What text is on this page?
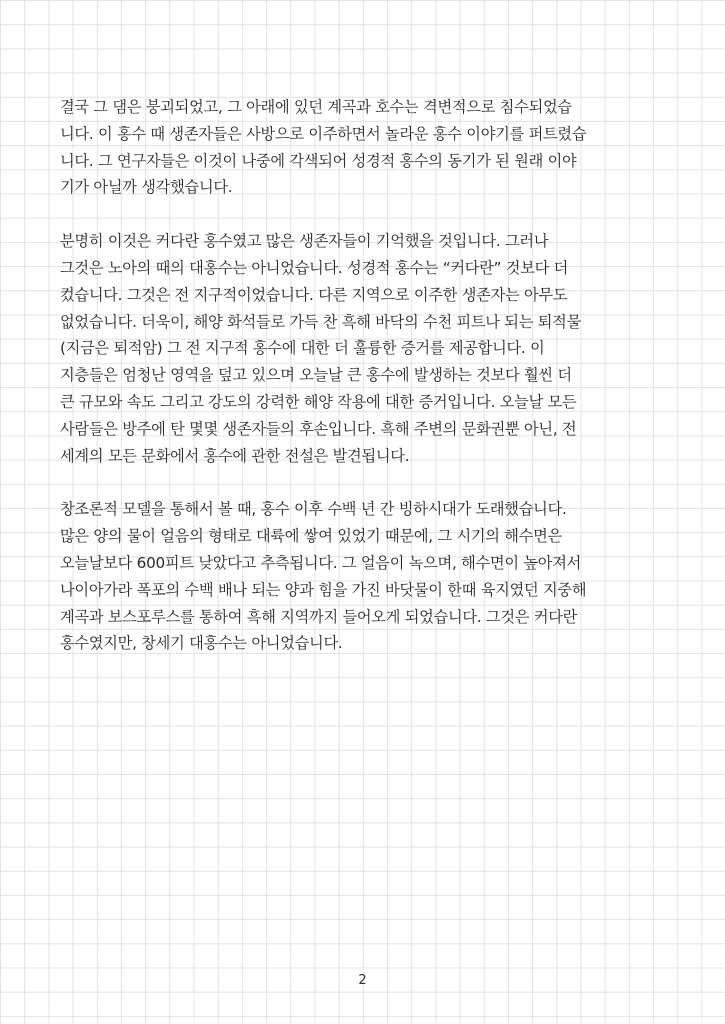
결국 그 댐은 붕괴되었고, 그 아래에 있던 계곡과 호수는 격변적으로 침수되었습
니다. 이 홍수 때 생존자들은 사방으로 이주하면서 놀라운 홍수 이야기를 퍼트렸습
니다. 그 연구자들은 이것이 나중에 각색되어 성경적 홍수의 동기가 된 원래 이야
기가 아닐까 생각했습니다.
분명히 이것은 커다란 홍수였고 많은 생존자들이 기억했을 것입니다. 그러나
그것은 노아의 때의 대홍수는 아니었습니다. 성경적 홍수는 “커다란” 것보다 더
컸습니다. 그것은 전 지구적이었습니다. 다른 지역으로 이주한 생존자는 아무도
없었습니다. 더욱이, 해양 화석들로 가득 찬 흑해 바닥의 수천 피트나 되는 퇴적물
(지금은 퇴적암) 그 전 지구적 홍수에 대한 더 훌륭한 증거를 제공합니다. 이
지층들은 엄청난 영역을 덮고 있으며 오늘날 큰 홍수에 발생하는 것보다 훨씬 더
큰 규모와 속도 그리고 강도의 강력한 해양 작용에 대한 증거입니다. 오늘날 모든
사람들은 방주에 탄 몇몇 생존자들의 후손입니다. 흑해 주변의 문화권뿐 아닌, 전
세계의 모든 문화에서 홍수에 관한 전설은 발견됩니다.
창조론적 모델을 통해서 볼 때, 홍수 이후 수백 년 간 빙하시대가 도래했습니다.
많은 양의 물이 얼음의 형태로 대륙에 쌓여 있었기 때문에, 그 시기의 해수면은
오늘날보다 600피트 낮았다고 추측됩니다. 그 얼음이 녹으며, 해수면이 높아져서
나이아가라 폭포의 수백 배나 되는 양과 힘을 가진 바닷물이 한때 육지였던 지중해
계곡과 보스포루스를 통하여 흑해 지역까지 들어오게 되었습니다. 그것은 커다란
홍수였지만, 창세기 대홍수는 아니었습니다.
2
